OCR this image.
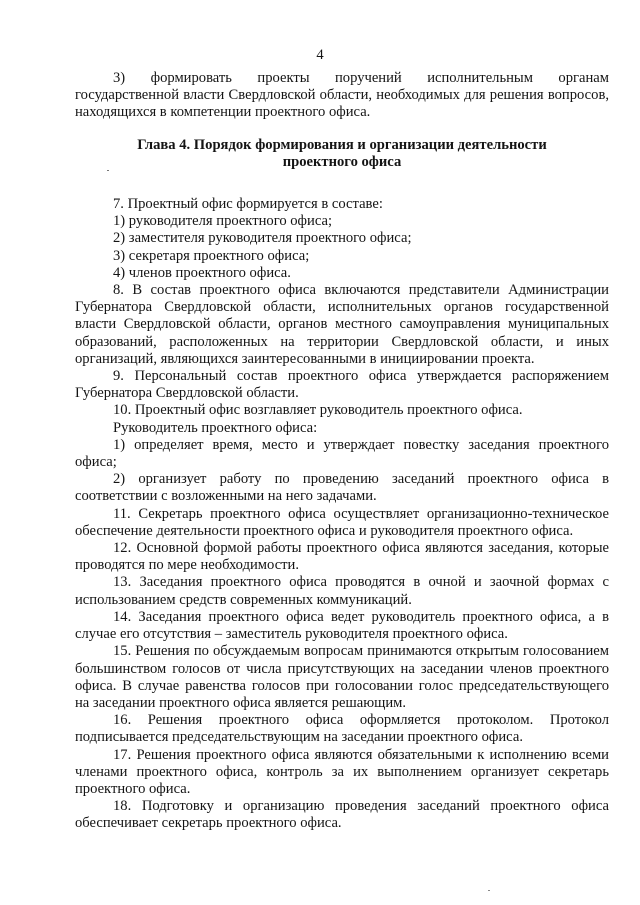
4

3) формировать проекты поручений исполнительным органам

государственной власти Свердловской области, необходимых для решения вопросов, находящихся в компетенции проектного офиса.

Глава 4. Порядок формирования и организации деятельности

проектного офиса

7. Проектный офис формируется в составе:

1) руководителя проектного офиса;

2) заместителя руководителя проектного офиса;

3) секретаря проектного офиса;

4) членов проектного офиса.

8. В состав проектного офиса включаются представители Администрации Губернатора Свердловской области, исполнительных органов государственной власти Свердловской области, органов местного самоуправления муниципальных образований, расположенных на территории Свердловской области, и иных организаций, являющихся заинтересованными в инициировании проекта.

9. Персональный состав проектного офиса утверждается распоряжением Губернатора Свердловской области.

10. Проектный офис возглавляет руководитель проектного офиса.

Руководитель проектного офиса:

1) определяет время, место и утверждает повестку заседания проектного офиса;

2) организует работу по проведению заседаний проектного офиса в соответствии с возложенными на него задачами.

11. Секретарь проектного офиса осуществляет организационно-техническое обеспечение деятельности проектного офиса и руководителя проектного офиса.

12. Основной формой работы проектного офиса являются заседания, которые проводятся по мере необходимости.

13. Заседания проектного офиса проводятся в очной и заочной формах с использованием средств современных коммуникаций.

14. Заседания проектного офиса ведет руководитель проектного офиса, а в случае его отсутствия – заместитель руководителя проектного офиса.

15. Решения по обсуждаемым вопросам принимаются открытым голосованием большинством голосов от числа присутствующих на заседании членов проектного офиса. В случае равенства голосов при голосовании голос председательствующего на заседании проектного офиса является решающим.

16. Решения проектного офиса оформляется протоколом. Протокол подписывается председательствующим на заседании проектного офиса.

17. Решения проектного офиса являются обязательными к исполнению всеми членами проектного офиса, контроль за их выполнением организует секретарь проектного офиса.

18. Подготовку и организацию проведения заседаний проектного офиса обеспечивает секретарь проектного офиса.
